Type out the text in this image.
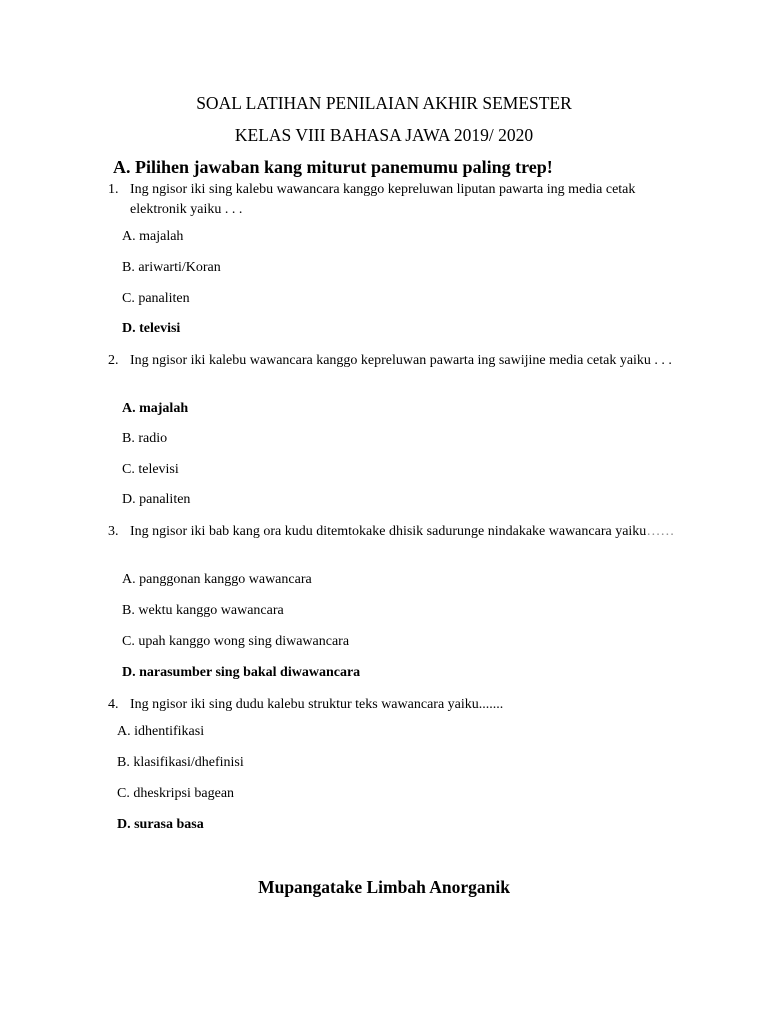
SOAL LATIHAN PENILAIAN AKHIR SEMESTER
KELAS VIII BAHASA JAWA 2019/ 2020
A. Pilihen jawaban kang miturut panemumu paling trep!
1. Ing ngisor iki sing kalebu wawancara kanggo kepreluwan liputan pawarta ing media cetak elektronik yaiku . . .
A. majalah
B. ariwarti/Koran
C. panaliten
D. televisi
2. Ing ngisor iki kalebu wawancara kanggo kepreluwan pawarta ing sawijine media cetak yaiku . . .
A. majalah
B. radio
C. televisi
D. panaliten
3. Ing ngisor iki bab kang ora kudu ditemtokake dhisik sadurunge nindakake wawancara yaiku……
A. panggonan kanggo wawancara
B. wektu kanggo wawancara
C. upah kanggo wong sing diwawancara
D. narasumber sing bakal diwawancara
4. Ing ngisor iki sing dudu kalebu struktur teks wawancara yaiku.......
A. idhentifikasi
B. klasifikasi/dhefinisi
C. dheskripsi bagean
D. surasa basa
Mupangatake Limbah Anorganik
